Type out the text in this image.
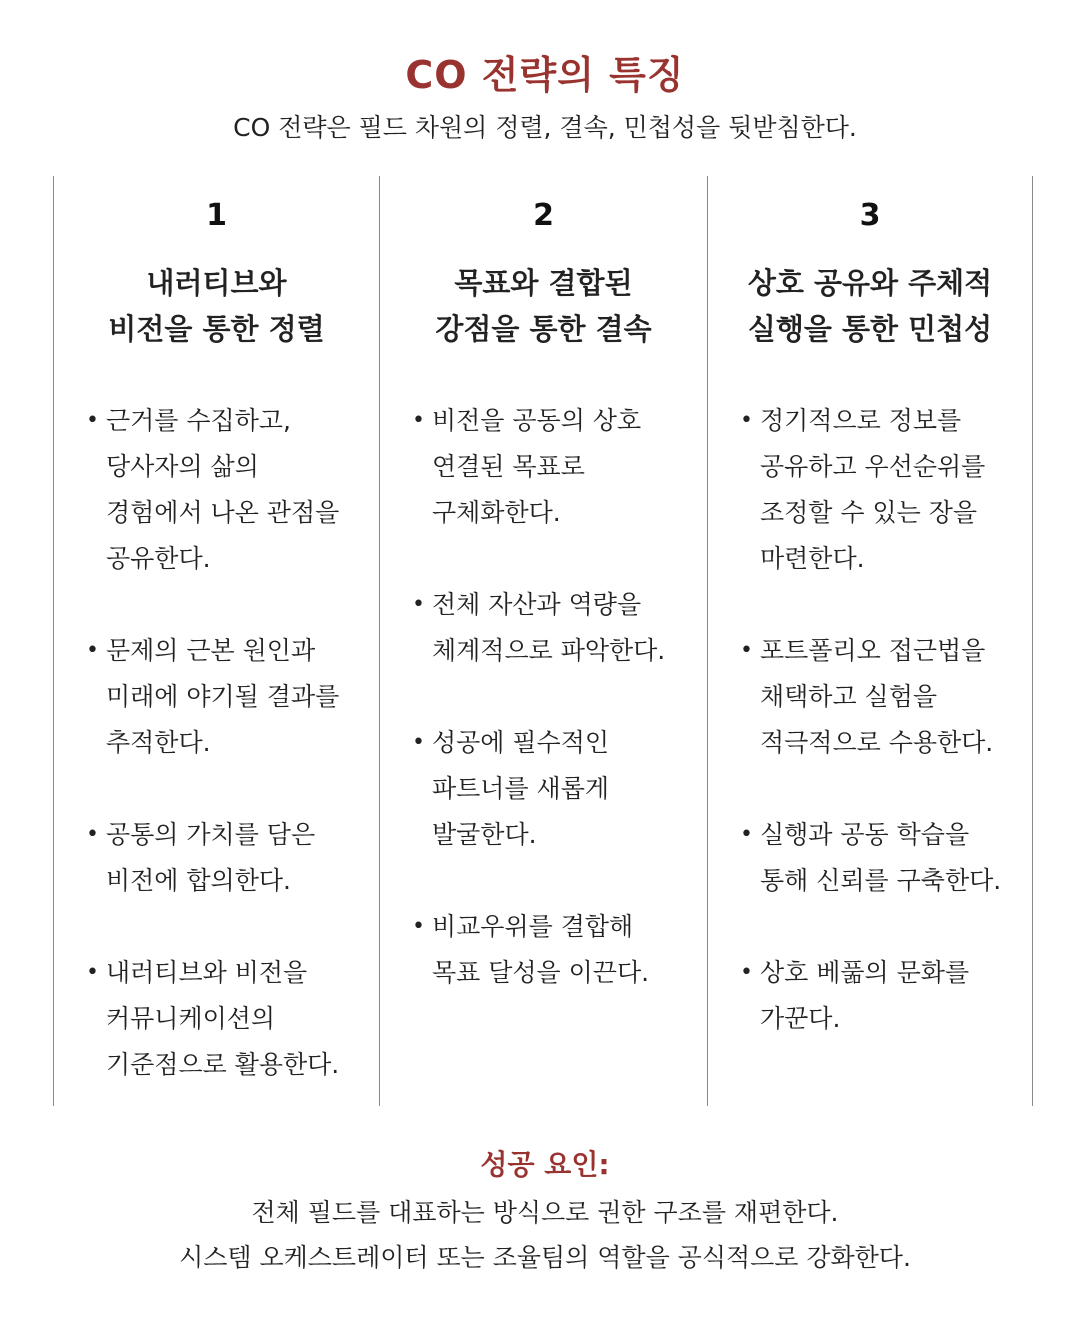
CO 전략의 특징
CO 전략은 필드 차원의 정렬, 결속, 민첩성을 뒷받침한다.
1
내러티브와
비전을 통한 정렬
• 근거를 수집하고,
당사자의 삶의
경험에서 나온 관점을
공유한다.
• 문제의 근본 원인과
미래에 야기될 결과를
추적한다.
• 공통의 가치를 담은
비전에 합의한다.
• 내러티브와 비전을
커뮤니케이션의
기준점으로 활용한다.
2
목표와 결합된
강점을 통한 결속
• 비전을 공동의 상호
연결된 목표로
구체화한다.
• 전체 자산과 역량을
체계적으로 파악한다.
• 성공에 필수적인
파트너를 새롭게
발굴한다.
• 비교우위를 결합해
목표 달성을 이끈다.
3
상호 공유와 주체적
실행을 통한 민첩성
• 정기적으로 정보를
공유하고 우선순위를
조정할 수 있는 장을
마련한다.
• 포트폴리오 접근법을
채택하고 실험을
적극적으로 수용한다.
• 실행과 공동 학습을
통해 신뢰를 구축한다.
• 상호 베풂의 문화를
가꾼다.
성공 요인:
전체 필드를 대표하는 방식으로 권한 구조를 재편한다.
시스템 오케스트레이터 또는 조율팀의 역할을 공식적으로 강화한다.
